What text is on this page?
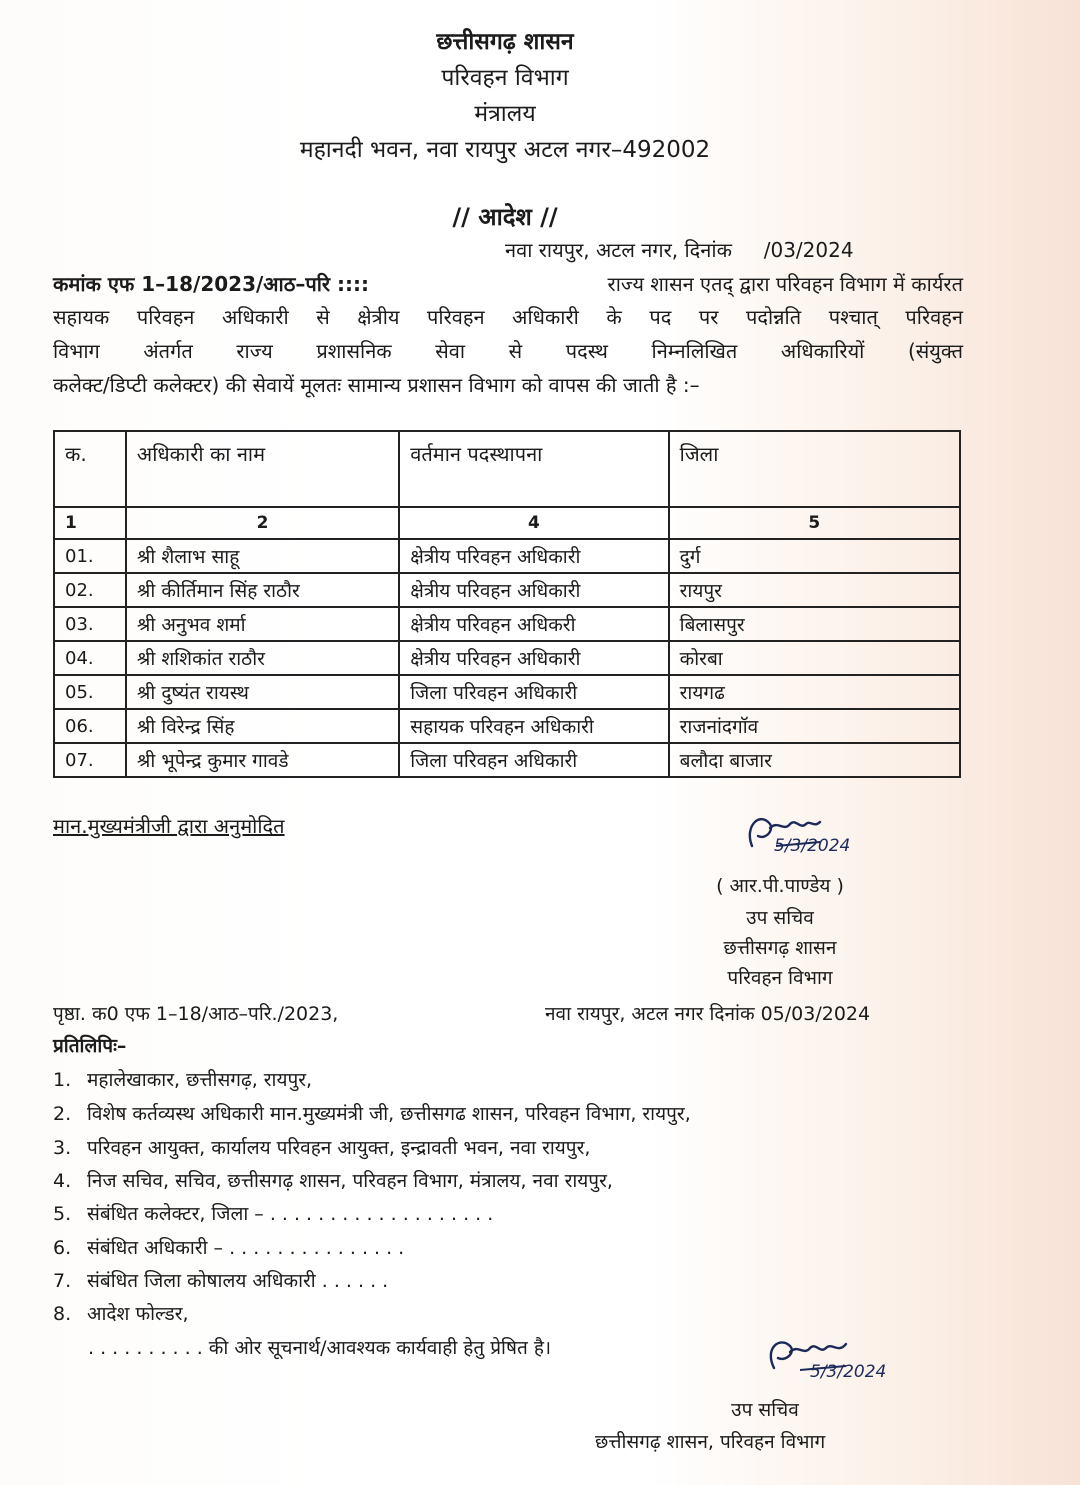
छत्तीसगढ़ शासन
परिवहन विभाग
मंत्रालय
महानदी भवन, नवा रायपुर अटल नगर–492002
// आदेश //
नवा रायपुर, अटल नगर, दिनांक     /03/2024
कमांक एफ 1–18/2023/आठ–परि ::::	राज्य शासन एतद् द्वारा परिवहन विभाग में कार्यरत
सहायक परिवहन अधिकारी से क्षेत्रीय परिवहन अधिकारी के पद पर पदोन्नति पश्चात् परिवहन
विभाग अंतर्गत राज्य प्रशासनिक सेवा से पदस्थ निम्नलिखित अधिकारियों (संयुक्त
कलेक्ट/डिप्टी कलेक्टर) की सेवायें मूलतः सामान्य प्रशासन विभाग को वापस की जाती है :–
क.	अधिकारी का नाम	वर्तमान पदस्थापना	जिला
1	2	4	5
01.	श्री शैलाभ साहू	क्षेत्रीय परिवहन अधिकारी	दुर्ग
02.	श्री कीर्तिमान सिंह राठौर	क्षेत्रीय परिवहन अधिकारी	रायपुर
03.	श्री अनुभव शर्मा	क्षेत्रीय परिवहन अधिकरी	बिलासपुर
04.	श्री शशिकांत राठौर	क्षेत्रीय परिवहन अधिकारी	कोरबा
05.	श्री दुष्यंत रायस्थ	जिला परिवहन अधिकारी	रायगढ
06.	श्री विरेन्द्र सिंह	सहायक परिवहन अधिकारी	राजनांदगॉव
07.	श्री भूपेन्द्र कुमार गावडे	जिला परिवहन अधिकारी	बलौदा बाजार
मान.मुख्यमंत्रीजी द्वारा अनुमोदित
5/3/2024
( आर.पी.पाण्डेय )
उप सचिव
छत्तीसगढ़ शासन
परिवहन विभाग
पृष्ठा. क0 एफ 1–18/आठ–परि./2023,	नवा रायपुर, अटल नगर दिनांक 05/03/2024
प्रतिलिपिः–
1. महालेखाकार, छत्तीसगढ़, रायपुर,
2. विशेष कर्तव्यस्थ अधिकारी मान.मुख्यमंत्री जी, छत्तीसगढ शासन, परिवहन विभाग, रायपुर,
3. परिवहन आयुक्त, कार्यालय परिवहन आयुक्त, इन्द्रावती भवन, नवा रायपुर,
4. निज सचिव, सचिव, छत्तीसगढ़ शासन, परिवहन विभाग, मंत्रालय, नवा रायपुर,
5. संबंधित कलेक्टर, जिला – . . . . . . . . . . . . . . . . . . .
6. संबंधित अधिकारी – . . . . . . . . . . . . . . .
7. संबंधित जिला कोषालय अधिकारी . . . . . .
8. आदेश फोल्डर,
. . . . . . . . . . की ओर सूचनार्थ/आवश्यक कार्यवाही हेतु प्रेषित है।
5/3/2024
उप सचिव
छत्तीसगढ़ शासन, परिवहन विभाग
